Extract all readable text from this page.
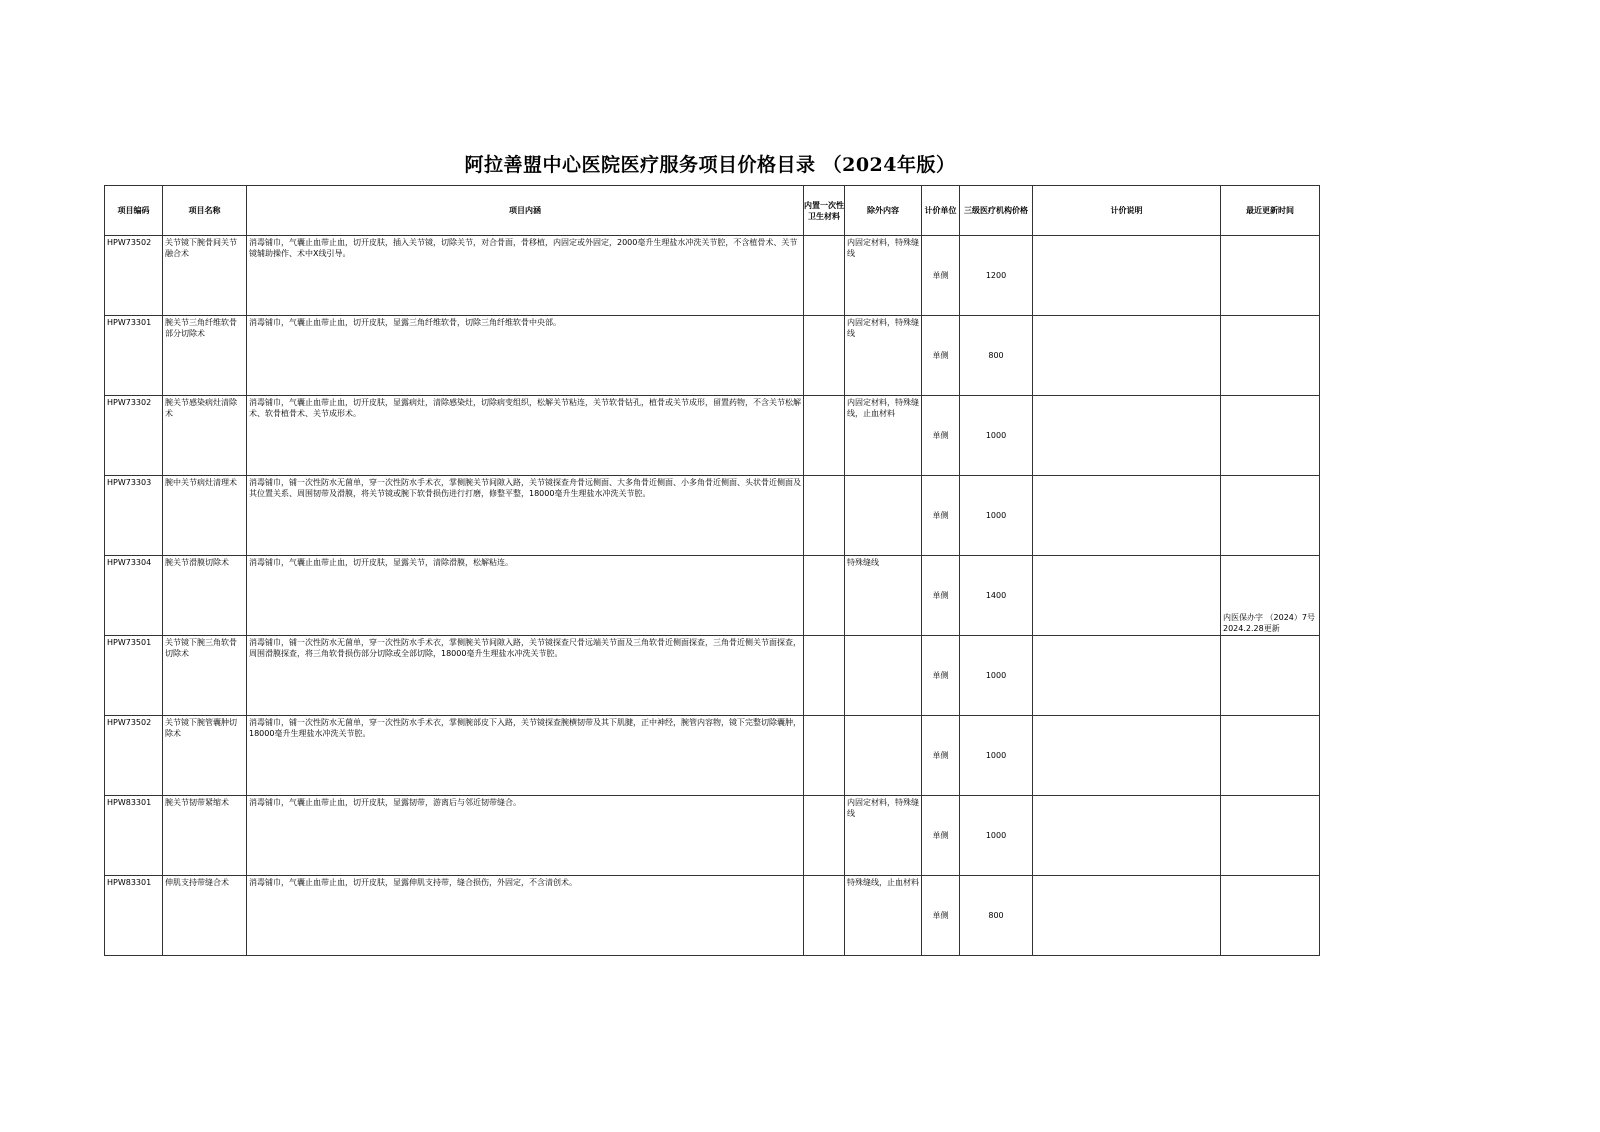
阿拉善盟中心医院医疗服务项目价格目录 （2024年版）
项目编码	项目名称	项目内涵	内置一次性卫生材料	除外内容	计价单位	三级医疗机构价格	计价说明	最近更新时间
HPW73502	关节镜下腕骨间关节融合术	消毒铺巾，气囊止血带止血，切开皮肤，插入关节镜，切除关节，对合骨面，骨移植，内固定或外固定，2000毫升生理盐水冲洗关节腔，不含植骨术、关节镜辅助操作、术中X线引导。		内固定材料，特殊缝线	单侧	1200		
HPW73301	腕关节三角纤维软骨部分切除术	消毒铺巾，气囊止血带止血，切开皮肤，显露三角纤维软骨，切除三角纤维软骨中央部。		内固定材料，特殊缝线	单侧	800		
HPW73302	腕关节感染病灶清除术	消毒铺巾，气囊止血带止血，切开皮肤，显露病灶，清除感染灶，切除病变组织，松解关节粘连，关节软骨钻孔，植骨或关节成形，留置药物，不含关节松解术、软骨植骨术、关节成形术。		内固定材料，特殊缝线，止血材料	单侧	1000		
HPW73303	腕中关节病灶清理术	消毒铺巾，铺一次性防水无菌单，穿一次性防水手术衣，掌侧腕关节间隙入路，关节镜探查舟骨远侧面、大多角骨近侧面、小多角骨近侧面、头状骨近侧面及其位置关系、周围韧带及滑膜，将关节镜或腕下软骨损伤进行打磨，修整平整，18000毫升生理盐水冲洗关节腔。			单侧	1000		
HPW73304	腕关节滑膜切除术	消毒铺巾，气囊止血带止血，切开皮肤，显露关节，清除滑膜，松解粘连。		特殊缝线	单侧	1400		内医保办字 （2024）7号 2024.2.28更新
HPW73501	关节镜下腕三角软骨切除术	消毒铺巾，铺一次性防水无菌单，穿一次性防水手术衣，掌侧腕关节间隙入路，关节镜探查尺骨远端关节面及三角软骨近侧面探查，三角骨近侧关节面探查，周围滑膜探查，将三角软骨损伤部分切除或全部切除，18000毫升生理盐水冲洗关节腔。			单侧	1000		
HPW73502	关节镜下腕管囊肿切除术	消毒铺巾，铺一次性防水无菌单，穿一次性防水手术衣，掌侧腕部皮下入路，关节镜探查腕横韧带及其下肌腱，正中神经，腕管内容物，镜下完整切除囊肿，18000毫升生理盐水冲洗关节腔。			单侧	1000		
HPW83301	腕关节韧带紧缩术	消毒铺巾，气囊止血带止血，切开皮肤，显露韧带，游离后与邻近韧带缝合。		内固定材料，特殊缝线	单侧	1000		
HPW83301	伸肌支持带缝合术	消毒铺巾，气囊止血带止血，切开皮肤，显露伸肌支持带，缝合损伤，外固定，不含清创术。		特殊缝线，止血材料	单侧	800		
